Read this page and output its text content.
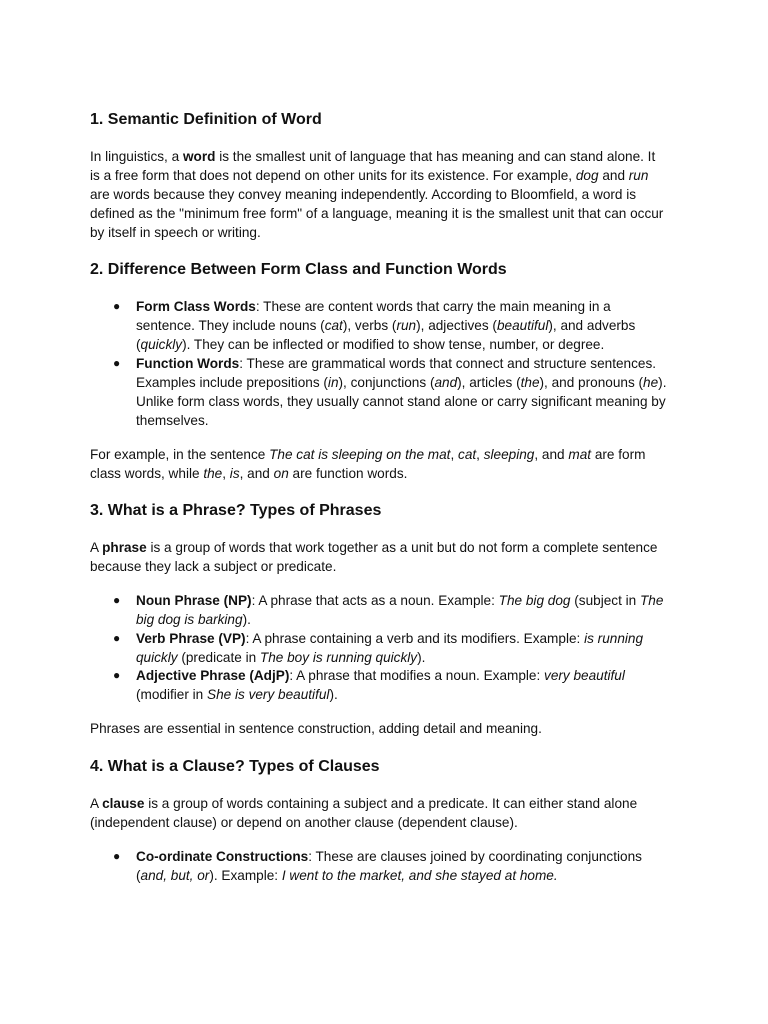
1. Semantic Definition of Word
In linguistics, a word is the smallest unit of language that has meaning and can stand alone. It
is a free form that does not depend on other units for its existence. For example, dog and run
are words because they convey meaning independently. According to Bloomfield, a word is
defined as the "minimum free form" of a language, meaning it is the smallest unit that can occur
by itself in speech or writing.
2. Difference Between Form Class and Function Words
● Form Class Words: These are content words that carry the main meaning in a
sentence. They include nouns (cat), verbs (run), adjectives (beautiful), and adverbs
(quickly). They can be inflected or modified to show tense, number, or degree.
● Function Words: These are grammatical words that connect and structure sentences.
Examples include prepositions (in), conjunctions (and), articles (the), and pronouns (he).
Unlike form class words, they usually cannot stand alone or carry significant meaning by
themselves.
For example, in the sentence The cat is sleeping on the mat, cat, sleeping, and mat are form
class words, while the, is, and on are function words.
3. What is a Phrase? Types of Phrases
A phrase is a group of words that work together as a unit but do not form a complete sentence
because they lack a subject or predicate.
● Noun Phrase (NP): A phrase that acts as a noun. Example: The big dog (subject in The
big dog is barking).
● Verb Phrase (VP): A phrase containing a verb and its modifiers. Example: is running
quickly (predicate in The boy is running quickly).
● Adjective Phrase (AdjP): A phrase that modifies a noun. Example: very beautiful
(modifier in She is very beautiful).
Phrases are essential in sentence construction, adding detail and meaning.
4. What is a Clause? Types of Clauses
A clause is a group of words containing a subject and a predicate. It can either stand alone
(independent clause) or depend on another clause (dependent clause).
● Co-ordinate Constructions: These are clauses joined by coordinating conjunctions
(and, but, or). Example: I went to the market, and she stayed at home.
